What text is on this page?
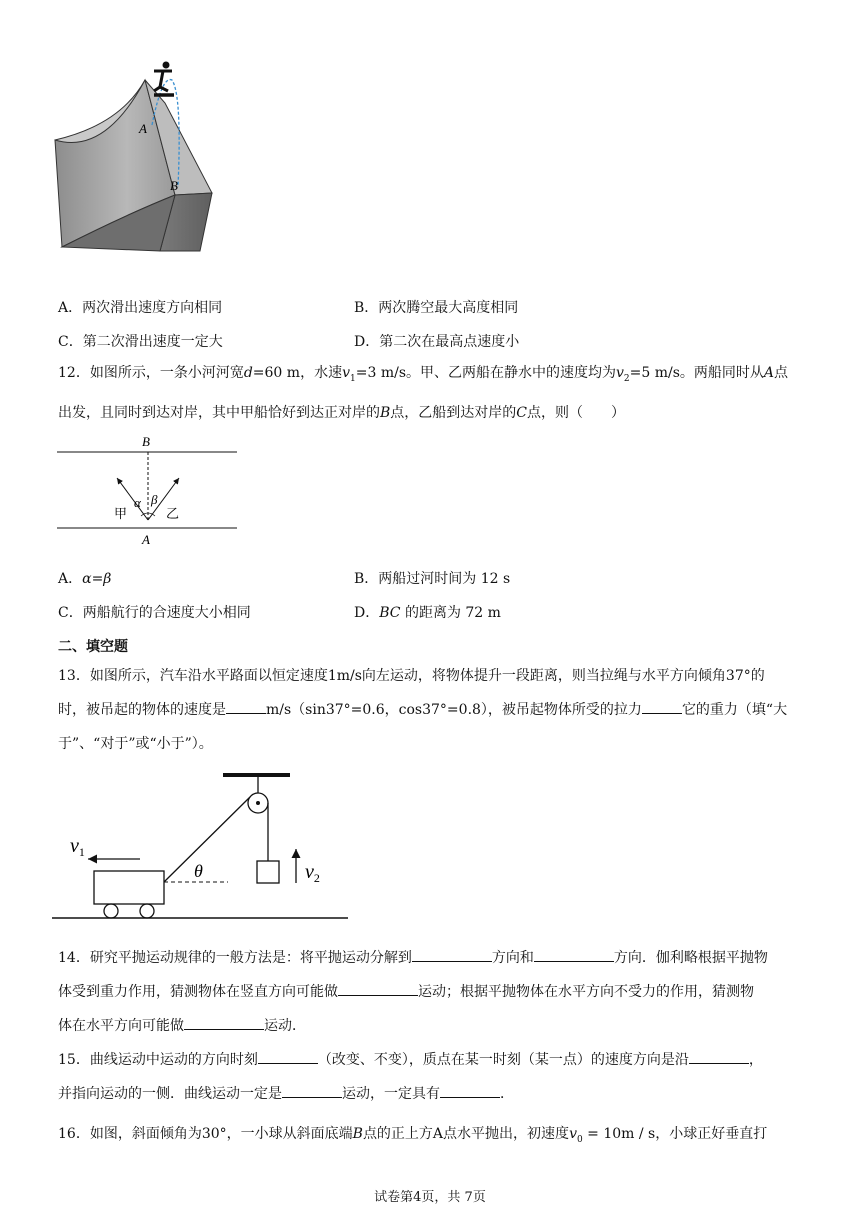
A
B
A．两次滑出速度方向相同	B．两次腾空最大高度相同
C．第二次滑出速度一定大	D．第二次在最高点速度小
12．如图所示，一条小河河宽d=60 m，水速$v_1=3$ m/s。甲、乙两船在静水中的速度均为$v_2=5$ m/s。两船同时从A点
出发，且同时到达对岸，其中甲船恰好到达正对岸的B点，乙船到达对岸的C点，则（　　）
B
A
α β
甲	乙
A．α=β	B．两船过河时间为 12 s
C．两船航行的合速度大小相同	D．BC 的距离为 72 m
二、填空题
13．如图所示，汽车沿水平路面以恒定速度1m/s向左运动，将物体提升一段距离，则当拉绳与水平方向倾角37°的
时，被吊起的物体的速度是	m/s（sin37°=0.6，cos37°=0.8），被吊起物体所受的拉力	它的重力（填“大
于”、“对于”或“小于”）。
$v_1$
θ	$v_2$
14．研究平抛运动规律的一般方法是：将平抛运动分解到	方向和	方向．伽利略根据平抛物
体受到重力作用，猜测物体在竖直方向可能做	运动；根据平抛物体在水平方向不受力的作用，猜测物
体在水平方向可能做	运动．
15．曲线运动中运动的方向时刻	（改变、不变），质点在某一时刻（某一点）的速度方向是沿	，
并指向运动的一侧．曲线运动一定是	运动，一定具有	．
16．如图，斜面倾角为30°，一小球从斜面底端B点的正上方A点水平抛出，初速度$v_0 = 10m / s$，小球正好垂直打
试卷第4页，共 7页
